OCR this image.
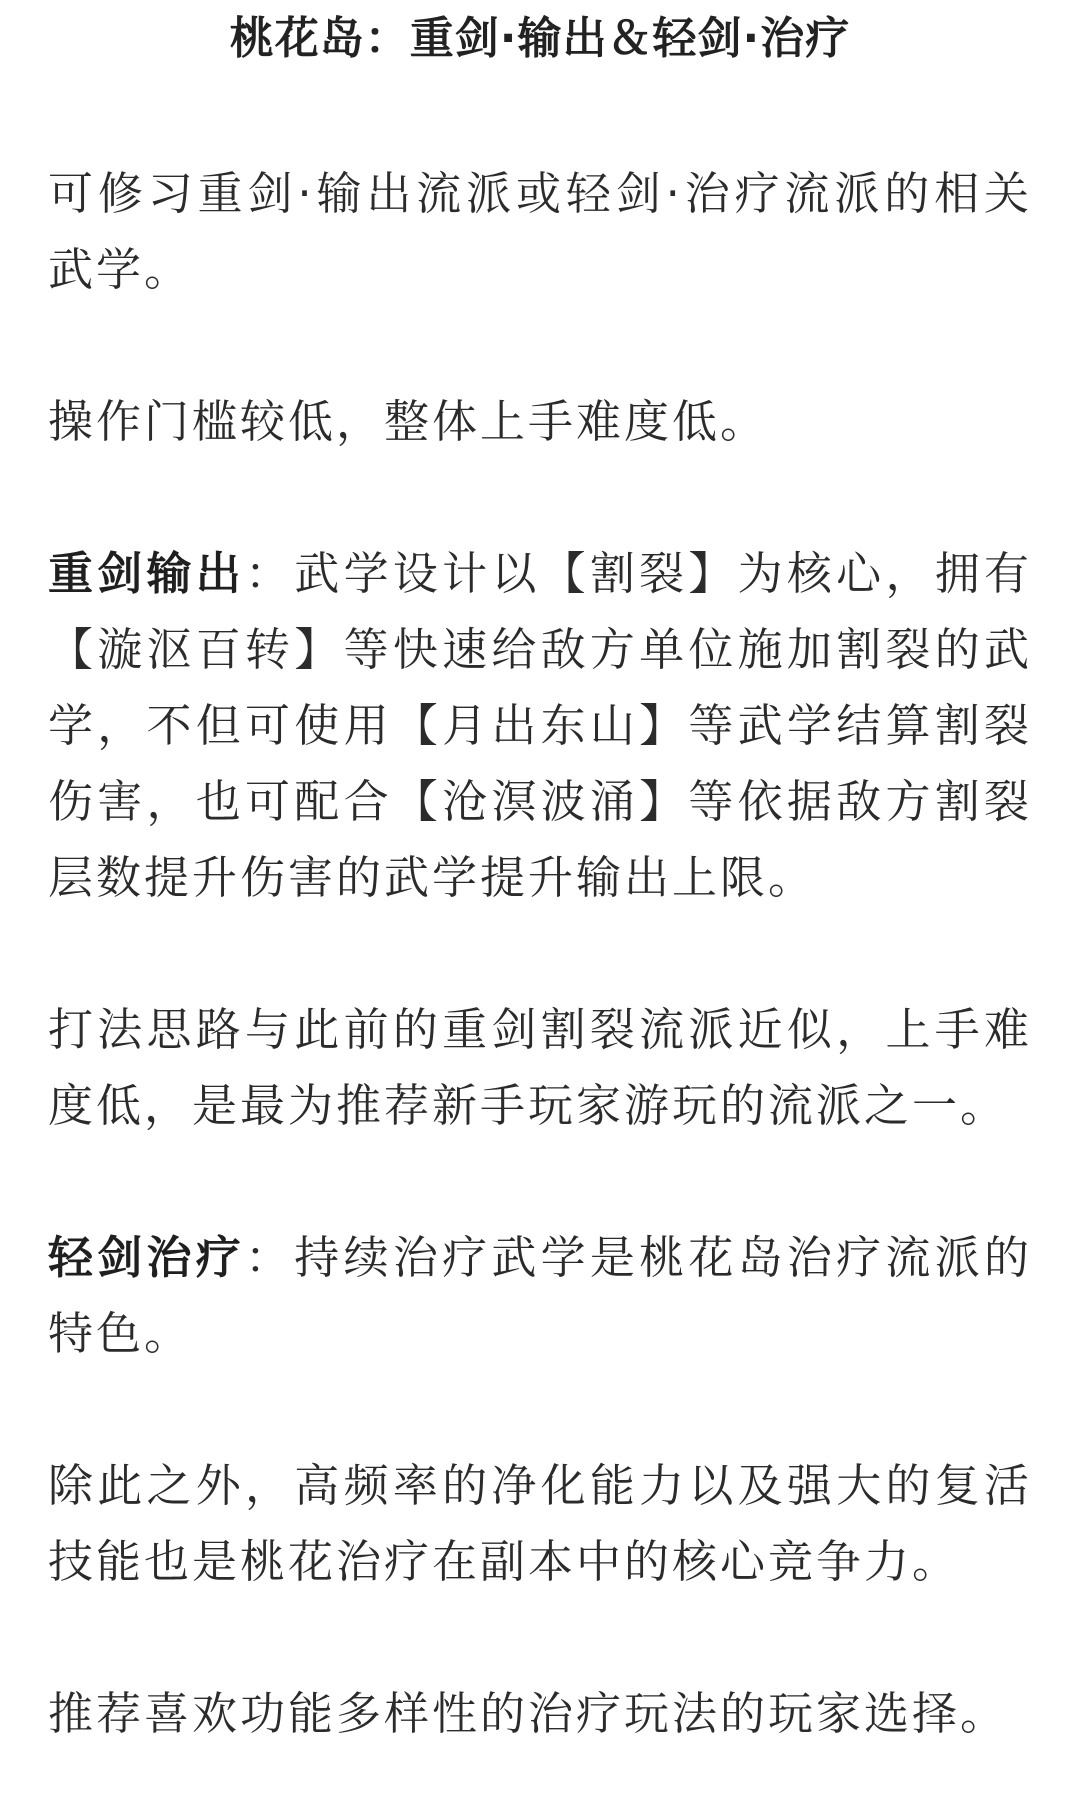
桃花岛：重剑·输出＆轻剑·治疗

可修习重剑·输出流派或轻剑·治疗流派的相关武学。

操作门槛较低，整体上手难度低。

重剑输出：武学设计以【割裂】为核心，拥有【漩沤百转】等快速给敌方单位施加割裂的武学，不但可使用【月出东山】等武学结算割裂伤害，也可配合【沧溟波涌】等依据敌方割裂层数提升伤害的武学提升输出上限。

打法思路与此前的重剑割裂流派近似，上手难度低，是最为推荐新手玩家游玩的流派之一。

轻剑治疗：持续治疗武学是桃花岛治疗流派的特色。

除此之外，高频率的净化能力以及强大的复活技能也是桃花治疗在副本中的核心竞争力。

推荐喜欢功能多样性的治疗玩法的玩家选择。
